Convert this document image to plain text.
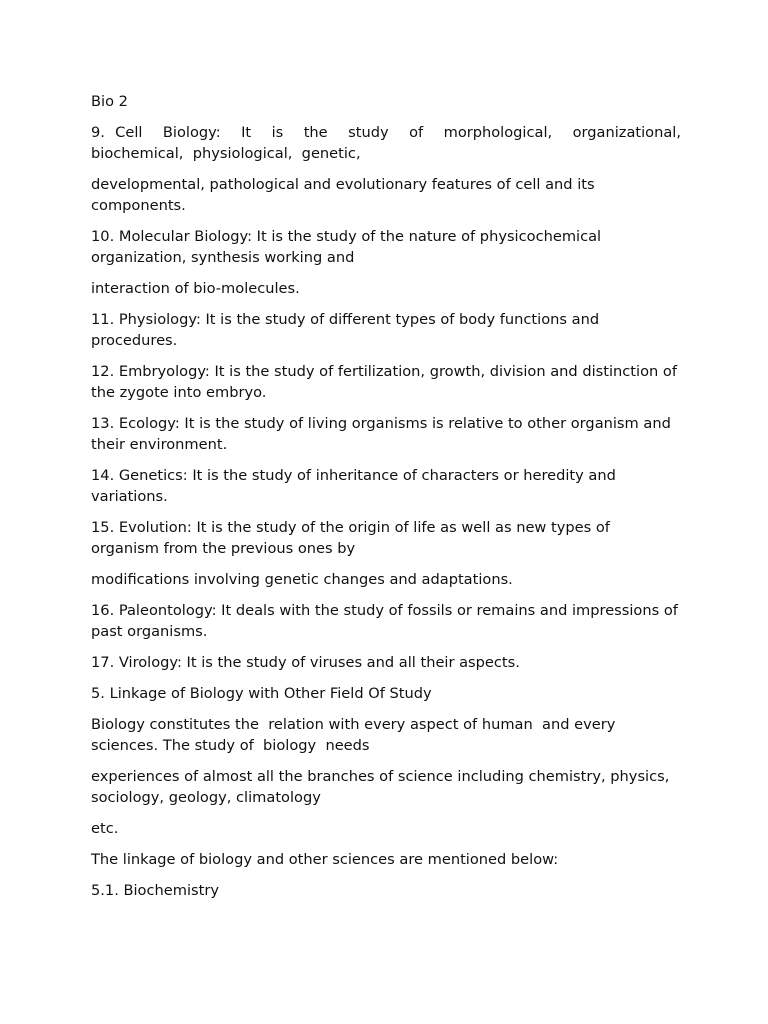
Bio 2

9. Cell  Biology:  It  is  the  study  of  morphological,  organizational,  biochemical,  physiological,  genetic,

developmental, pathological and evolutionary features of cell and its components.

10. Molecular Biology: It is the study of the nature of physicochemical organization, synthesis working and

interaction of bio-molecules.

11. Physiology: It is the study of different types of body functions and procedures.

12. Embryology: It is the study of fertilization, growth, division and distinction of the zygote into embryo.

13. Ecology: It is the study of living organisms is relative to other organism and their environment.

14. Genetics: It is the study of inheritance of characters or heredity and variations.

15. Evolution: It is the study of the origin of life as well as new types of organism from the previous ones by

modifications involving genetic changes and adaptations.

16. Paleontology: It deals with the study of fossils or remains and impressions of past organisms.

17. Virology: It is the study of viruses and all their aspects.

5. Linkage of Biology with Other Field Of Study

Biology constitutes the  relation with every aspect of human  and every sciences. The study of  biology  needs

experiences of almost all the branches of science including chemistry, physics, sociology, geology, climatology

etc.

The linkage of biology and other sciences are mentioned below:

5.1. Biochemistry
